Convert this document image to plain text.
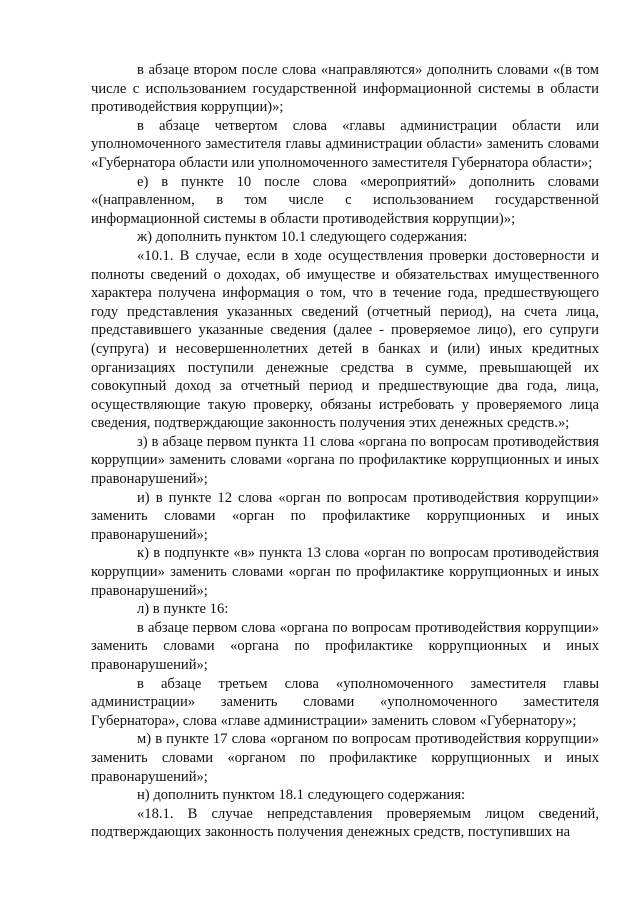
в абзаце втором после слова «направляются» дополнить словами «(в том числе с использованием государственной информационной системы в области противодействия коррупции)»;

в абзаце четвертом слова «главы администрации области или уполномоченного заместителя главы администрации области» заменить словами «Губернатора области или уполномоченного заместителя Губернатора области»;

е) в пункте 10 после слова «мероприятий» дополнить словами «(направленном, в том числе с использованием государственной информационной системы в области противодействия коррупции)»;

ж) дополнить пунктом 10.1 следующего содержания:

«10.1. В случае, если в ходе осуществления проверки достоверности и полноты сведений о доходах, об имуществе и обязательствах имущественного характера получена информация о том, что в течение года, предшествующего году представления указанных сведений (отчетный период), на счета лица, представившего указанные сведения (далее - проверяемое лицо), его супруги (супруга) и несовершеннолетних детей в банках и (или) иных кредитных организациях поступили денежные средства в сумме, превышающей их совокупный доход за отчетный период и предшествующие два года, лица, осуществляющие такую проверку, обязаны истребовать у проверяемого лица сведения, подтверждающие законность получения этих денежных средств.»;

з) в абзаце первом пункта 11 слова «органа по вопросам противодействия коррупции» заменить словами «органа по профилактике коррупционных и иных правонарушений»;

и) в пункте 12 слова «орган по вопросам противодействия коррупции» заменить словами «орган по профилактике коррупционных и иных правонарушений»;

к) в подпункте «в» пункта 13 слова «орган по вопросам противодействия коррупции» заменить словами «орган по профилактике коррупционных и иных правонарушений»;

л) в пункте 16:

в абзаце первом слова «органа по вопросам противодействия коррупции» заменить словами «органа по профилактике коррупционных и иных правонарушений»;

в абзаце третьем слова «уполномоченного заместителя главы администрации» заменить словами «уполномоченного заместителя Губернатора», слова «главе администрации» заменить словом «Губернатору»;

м) в пункте 17 слова «органом по вопросам противодействия коррупции» заменить словами «органом по профилактике коррупционных и иных правонарушений»;

н) дополнить пунктом 18.1 следующего содержания:

«18.1. В случае непредставления проверяемым лицом сведений, подтверждающих законность получения денежных средств, поступивших на
